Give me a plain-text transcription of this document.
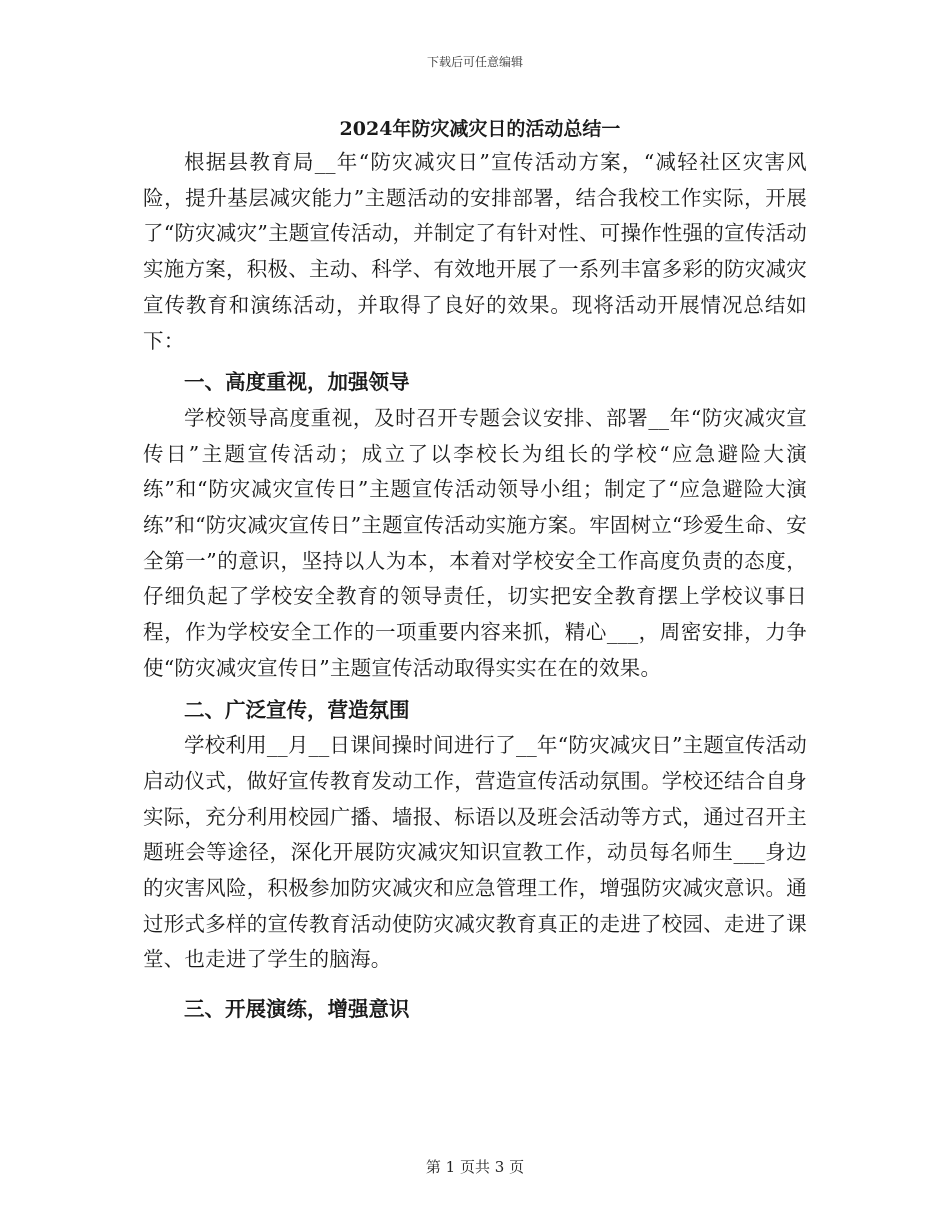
下载后可任意编辑
2024年防灾减灾日的活动总结一

根据县教育局__年“防灾减灾日”宣传活动方案，“减轻社区灾害风险，提升基层减灾能力”主题活动的安排部署，结合我校工作实际，开展了“防灾减灾”主题宣传活动，并制定了有针对性、可操作性强的宣传活动实施方案，积极、主动、科学、有效地开展了一系列丰富多彩的防灾减灾宣传教育和演练活动，并取得了良好的效果。现将活动开展情况总结如下：

一、高度重视，加强领导

学校领导高度重视，及时召开专题会议安排、部署__年“防灾减灾宣传日”主题宣传活动；成立了以李校长为组长的学校“应急避险大演练”和“防灾减灾宣传日”主题宣传活动领导小组；制定了“应急避险大演练”和“防灾减灾宣传日”主题宣传活动实施方案。牢固树立“珍爱生命、安全第一”的意识，坚持以人为本，本着对学校安全工作高度负责的态度，仔细负起了学校安全教育的领导责任，切实把安全教育摆上学校议事日程，作为学校安全工作的一项重要内容来抓，精心___，周密安排，力争使“防灾减灾宣传日”主题宣传活动取得实实在在的效果。

二、广泛宣传，营造氛围

学校利用__月__日课间操时间进行了__年“防灾减灾日”主题宣传活动启动仪式，做好宣传教育发动工作，营造宣传活动氛围。学校还结合自身实际，充分利用校园广播、墙报、标语以及班会活动等方式，通过召开主题班会等途径，深化开展防灾减灾知识宣教工作，动员每名师生___身边的灾害风险，积极参加防灾减灾和应急管理工作，增强防灾减灾意识。通过形式多样的宣传教育活动使防灾减灾教育真正的走进了校园、走进了课堂、也走进了学生的脑海。

三、开展演练，增强意识
第 1 页共 3 页
